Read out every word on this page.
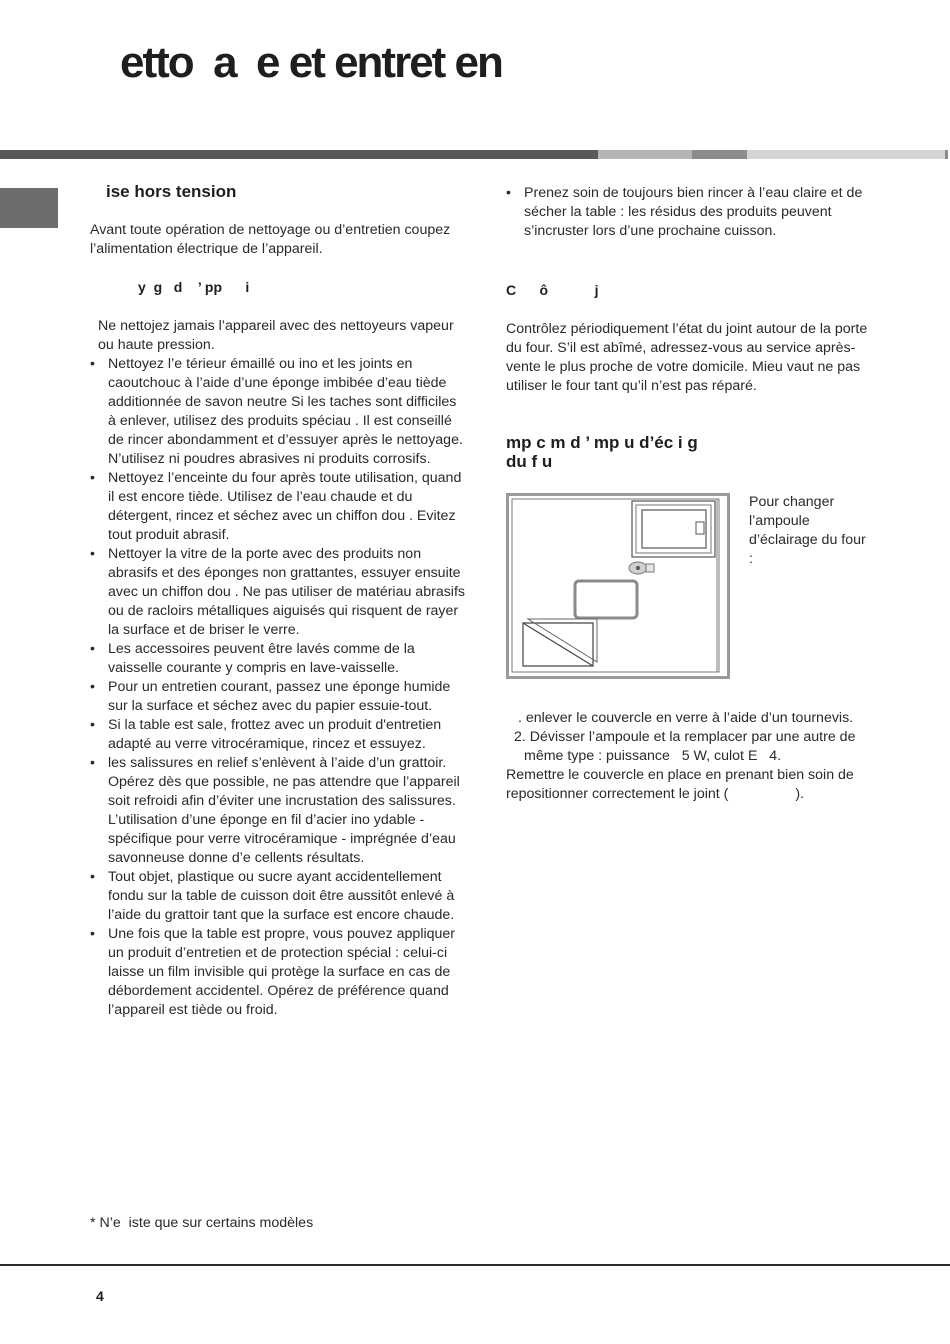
etto  a  e et entret en
ise hors tension

Avant toute opération de nettoyage ou d’entretien coupez l’alimentation électrique de l’appareil.

y  g   d    ’ pp      i

Ne nettojez jamais l’appareil avec des nettoyeurs vapeur ou haute pression.

• Nettoyez l’e térieur émaillé ou ino et les joints en caoutchouc à l’aide d’une éponge imbibée d’eau tiède additionnée de savon neutre Si les taches sont difficiles à enlever, utilisez des produits spéciau . Il est conseillé de rincer abondamment et d’essuyer après le nettoyage. N’utilisez ni poudres abrasives ni produits corrosifs.
• Nettoyez l’enceinte du four après toute utilisation, quand il est encore tiède. Utilisez de l’eau chaude et du détergent, rincez et séchez avec un chiffon dou . Evitez tout produit abrasif.
• Nettoyer la vitre de la porte avec des produits non abrasifs et des éponges non grattantes, essuyer ensuite avec un chiffon dou . Ne pas utiliser de matériau abrasifs ou de racloirs métalliques aiguisés qui risquent de rayer la surface et de briser le verre.
• Les accessoires peuvent être lavés comme de la vaisselle courante y compris en lave-vaisselle.
• Pour un entretien courant, passez une éponge humide sur la surface et séchez avec du papier essuie-tout.
• Si la table est sale, frottez avec un produit d'entretien adapté au verre vitrocéramique, rincez et essuyez.
• les salissures en relief s’enlèvent à l’aide d’un grattoir. Opérez dès que possible, ne pas attendre que l’appareil soit refroidi afin d’éviter une incrustation des salissures. L’utilisation d’une éponge en fil d’acier ino ydable - spécifique pour verre vitrocéramique - imprégnée d’eau savonneuse donne d’e cellents résultats.
• Tout objet, plastique ou sucre ayant accidentellement fondu sur la table de cuisson doit être aussitôt enlevé à l’aide du grattoir tant que la surface est encore chaude.
• Une fois que la table est propre, vous pouvez appliquer un produit d’entretien et de protection spécial : celui-ci laisse un film invisible qui protège la surface en cas de débordement accidentel. Opérez de préférence quand l’appareil est tiède ou froid.
* N’e  iste que sur certains modèles
• Prenez soin de toujours bien rincer à l’eau claire et de sécher la table : les résidus des produits peuvent s’incruster lors d’une prochaine cuisson.
C      ô            j

Contrôlez périodiquement l’état du joint autour de la porte du four. S’il est abîmé, adressez-vous au service après-vente le plus proche de votre domicile. Mieu vaut ne pas utiliser le four tant qu’il n’est pas réparé.

mp c m d ’ mp u d’éc i g
du f u
Pour changer l’ampoule d’éclairage du four :

. enlever le couvercle en verre à l’aide d’un tournevis.

2. Dévisser l’ampoule et la remplacer par une autre de même type : puissance   5 W, culot E   4.

Remettre le couvercle en place en prenant bien soin de repositionner correctement le joint (                 ).

4
